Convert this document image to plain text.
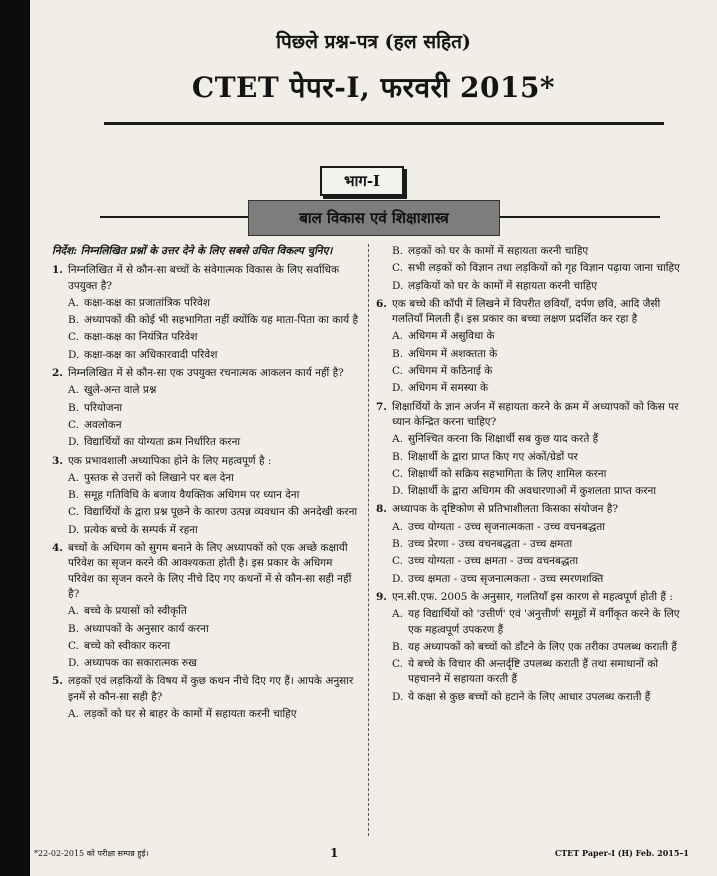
पिछले प्रश्न-पत्र (हल सहित)
CTET पेपर-I, फरवरी 2015*
भाग-I
बाल विकास एवं शिक्षाशास्त्र
निर्देश: निम्नलिखित प्रश्नों के उत्तर देने के लिए सबसे उचित विकल्प चुनिए।
1. निम्नलिखित में से कौन-सा बच्चों के संवेगात्मक विकास के लिए सर्वाधिक उपयुक्त है?
A. कक्षा-कक्ष का प्रजातांत्रिक परिवेश
B. अध्यापकों की कोई भी सहभागिता नहीं क्योंकि यह माता-पिता का कार्य है
C. कक्षा-कक्ष का नियंत्रित परिवेश
D. कक्षा-कक्ष का अधिकारवादी परिवेश
2. निम्नलिखित में से कौन-सा एक उपयुक्त रचनात्मक आकलन कार्य नहीं है?
A. खुले-अन्त वाले प्रश्न
B. परियोजना
C. अवलोकन
D. विद्यार्थियों का योग्यता क्रम निर्धारित करना
3. एक प्रभावशाली अध्यापिका होने के लिए महत्वपूर्ण है :
A. पुस्तक से उत्तरों को लिखाने पर बल देना
B. समूह गतिविधि के बजाय वैयक्तिक अधिगम पर ध्यान देना
C. विद्यार्थियों के द्वारा प्रश्न पूछने के कारण उत्पन्न व्यवधान की अनदेखी करना
D. प्रत्येक बच्चे के सम्पर्क में रहना
4. बच्चों के अधिगम को सुगम बनाने के लिए अध्यापकों को एक अच्छे कक्षायी परिवेश का सृजन करने की आवश्यकता होती है। इस प्रकार के अधिगम परिवेश का सृजन करने के लिए नीचे दिए गए कथनों में से कौन-सा सही नहीं है?
A. बच्चे के प्रयासों को स्वीकृति
B. अध्यापकों के अनुसार कार्य करना
C. बच्चे को स्वीकार करना
D. अध्यापक का सकारात्मक रुख
5. लड़कों एवं लड़कियों के विषय में कुछ कथन नीचे दिए गए हैं। आपके अनुसार इनमें से कौन-सा सही है?
A. लड़कों को घर से बाहर के कामों में सहायता करनी चाहिए
B. लड़कों को घर के कामों में सहायता करनी चाहिए
C. सभी लड़कों को विज्ञान तथा लड़कियों को गृह विज्ञान पढ़ाया जाना चाहिए
D. लड़कियों को घर के कामों में सहायता करनी चाहिए
6. एक बच्चे की कॉपी में लिखने में विपरीत छवियाँ, दर्पण छवि, आदि जैसी गलतियाँ मिलती हैं। इस प्रकार का बच्चा लक्षण प्रदर्शित कर रहा है
A. अधिगम में असुविधा के
B. अधिगम में अशक्तता के
C. अधिगम में कठिनाई के
D. अधिगम में समस्या के
7. शिक्षार्थियों के ज्ञान अर्जन में सहायता करने के क्रम में अध्यापकों को किस पर ध्यान केन्द्रित करना चाहिए?
A. सुनिश्चित करना कि शिक्षार्थी सब कुछ याद करते हैं
B. शिक्षार्थी के द्वारा प्राप्त किए गए अंकों/ग्रेडों पर
C. शिक्षार्थी को सक्रिय सहभागिता के लिए शामिल करना
D. शिक्षार्थी के द्वारा अधिगम की अवधारणाओं में कुशलता प्राप्त करना
8. अध्यापक के दृष्टिकोण से प्रतिभाशीलता किसका संयोजन है?
A. उच्च योग्यता - उच्च सृजनात्मकता - उच्च वचनबद्धता
B. उच्च प्रेरणा - उच्च वचनबद्धता - उच्च क्षमता
C. उच्च योग्यता - उच्च क्षमता - उच्च वचनबद्धता
D. उच्च क्षमता - उच्च सृजनात्मकता - उच्च स्मरणशक्ति
9. एन.सी.एफ. 2005 के अनुसार, गलतियाँ इस कारण से महत्वपूर्ण होती हैं :
A. यह विद्यार्थियों को 'उत्तीर्ण' एवं 'अनुत्तीर्ण' समूहों में वर्गीकृत करने के लिए एक महत्वपूर्ण उपकरण हैं
B. यह अध्यापकों को बच्चों को डाँटने के लिए एक तरीका उपलब्ध कराती हैं
C. ये बच्चे के विचार की अन्तर्दृष्टि उपलब्ध कराती हैं तथा समाधानों को पहचानने में सहायता करती हैं
D. ये कक्षा से कुछ बच्चों को हटाने के लिए आधार उपलब्ध कराती हैं
*22-02-2015 को परीक्षा सम्पन्न हुई।	1	CTET Paper-I (H) Feb. 2015–1
